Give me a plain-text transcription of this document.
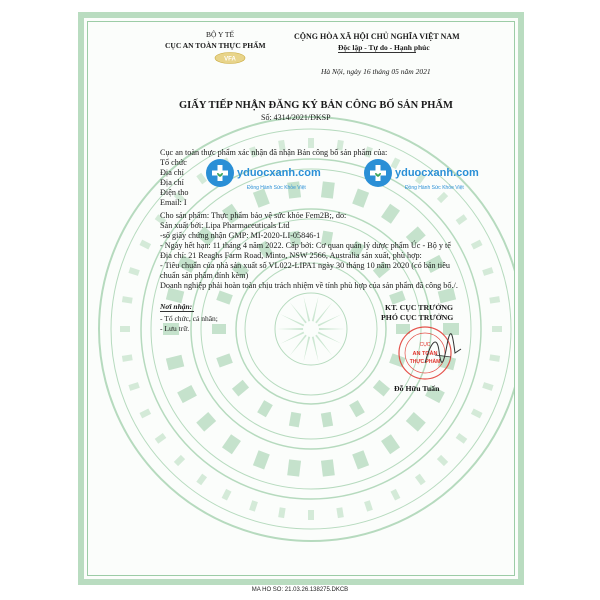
BỘ Y TẾ
CỤC AN TOÀN THỰC PHẨM
VFA
CỘNG HÒA XÃ HỘI CHỦ NGHĨA VIỆT NAM
Độc lập - Tự do - Hạnh phúc
Hà Nội, ngày 16 tháng 05 năm 2021
GIẤY TIẾP NHẬN ĐĂNG KÝ BẢN CÔNG BỐ SẢN PHẨM
Số: 4314/2021/DKSP
Cục an toàn thực phẩm xác nhận đã nhận Bản công bố sản phẩm của:
Tổ chức
Địa chỉ
Địa chỉ
Điện tho
Email: I
Cho sản phẩm: Thực phẩm bảo vệ sức khỏe Fem2B;, do:
Sản xuất bởi: Lipa Pharmaceuticals Ltd
-số giấy chứng nhận GMP: MI-2020-LI-05846-1
- Ngày hết hạn: 11 tháng 4 năm 2022. Cấp bởi: Cơ quan quản lý dược phẩm Úc - Bộ y tế
Địa chỉ: 21 Reaghs Farm Road, Minto, NSW 2566, Australia sản xuất, phù hợp:
- Tiêu chuẩn của nhà sản xuất số VL022-LIPA1 ngày 30 tháng 10 năm 2020 (có bản tiêu
chuẩn sản phẩm đính kèm)
Doanh nghiệp phải hoàn toàn chịu trách nhiệm về tính phù hợp của sản phẩm đã công bố./.
yduocxanh.com
Đồng Hành Sức Khỏe Việt
yduocxanh.com
Đồng Hành Sức Khỏe Việt
Nơi nhận:
- Tổ chức, cá nhân;
- Lưu trữ.
KT. CỤC TRƯỞNG
PHÓ CỤC TRƯỞNG
CỤC
AN TOÀN
THỰC PHẨM
Đỗ Hữu Tuấn
MA HO SO: 21.03.26.138275.DKCB
